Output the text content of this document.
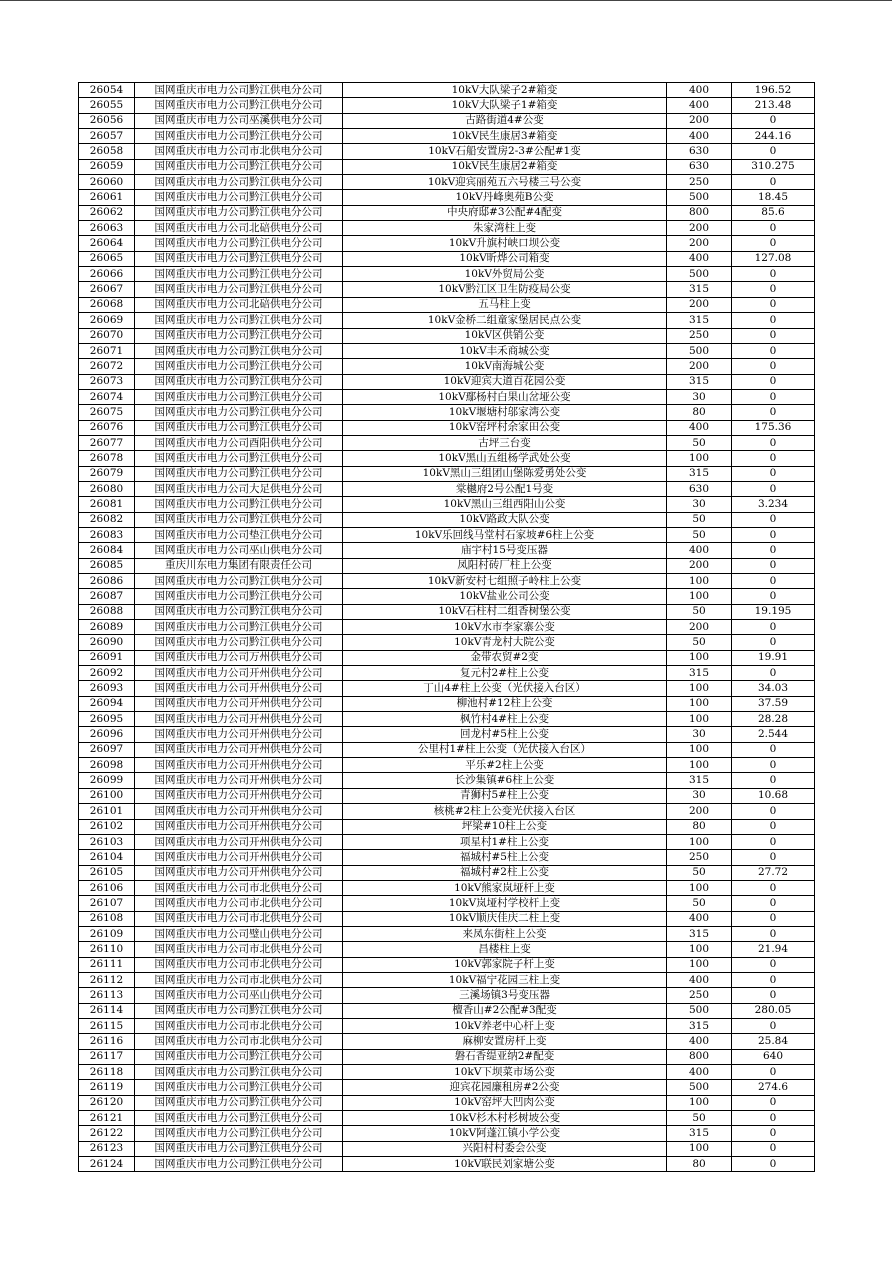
26054	国网重庆市电力公司黔江供电分公司	10kV大队梁子2#箱变	400	196.52
26055	国网重庆市电力公司黔江供电分公司	10kV大队梁子1#箱变	400	213.48
26056	国网重庆市电力公司巫溪供电分公司	古路街道4#公变	200	0
26057	国网重庆市电力公司黔江供电分公司	10kV民生康居3#箱变	400	244.16
26058	国网重庆市电力公司市北供电分公司	10kV石船安置房2-3#公配#1变	630	0
26059	国网重庆市电力公司黔江供电分公司	10kV民生康居2#箱变	630	310.275
26060	国网重庆市电力公司黔江供电分公司	10kV迎宾丽苑五六号楼三号公变	250	0
26061	国网重庆市电力公司黔江供电分公司	10kV丹峰奥苑B公变	500	18.45
26062	国网重庆市电力公司黔江供电分公司	中央府邸#3公配#4配变	800	85.6
26063	国网重庆市电力公司北碚供电分公司	朱家湾柱上变	200	0
26064	国网重庆市电力公司黔江供电分公司	10kV升旗村峡口坝公变	200	0
26065	国网重庆市电力公司黔江供电分公司	10kV昕烨公司箱变	400	127.08
26066	国网重庆市电力公司黔江供电分公司	10kV外贸局公变	500	0
26067	国网重庆市电力公司黔江供电分公司	10kV黔江区卫生防疫局公变	315	0
26068	国网重庆市电力公司北碚供电分公司	五马柱上变	200	0
26069	国网重庆市电力公司黔江供电分公司	10kV金桥二组童家堡居民点公变	315	0
26070	国网重庆市电力公司黔江供电分公司	10kV区供销公变	250	0
26071	国网重庆市电力公司黔江供电分公司	10kV丰禾商城公变	500	0
26072	国网重庆市电力公司黔江供电分公司	10kV南海城公变	200	0
26073	国网重庆市电力公司黔江供电分公司	10kV迎宾大道百花园公变	315	0
26074	国网重庆市电力公司黔江供电分公司	10kV鄢杨村白果山岔垭公变	30	0
26075	国网重庆市电力公司黔江供电分公司	10kV堰塘村邬家湾公变	80	0
26076	国网重庆市电力公司黔江供电分公司	10kV窑坪村余家田公变	400	175.36
26077	国网重庆市电力公司酉阳供电分公司	古坪三台变	50	0
26078	国网重庆市电力公司黔江供电分公司	10kV黑山五组杨学武处公变	100	0
26079	国网重庆市电力公司黔江供电分公司	10kV黑山三组团山堡陈爱勇处公变	315	0
26080	国网重庆市电力公司大足供电分公司	棠樾府2号公配1号变	630	0
26081	国网重庆市电力公司黔江供电分公司	10kV黑山三组西阳山公变	30	3.234
26082	国网重庆市电力公司黔江供电分公司	10kV路政大队公变	50	0
26083	国网重庆市电力公司垫江供电分公司	10kV乐回线马堂村石家坡#6柱上公变	50	0
26084	国网重庆市电力公司巫山供电分公司	庙宇村15号变压器	400	0
26085	重庆川东电力集团有限责任公司	凤阳村砖厂柱上公变	200	0
26086	国网重庆市电力公司黔江供电分公司	10kV新安村七组照子岭柱上公变	100	0
26087	国网重庆市电力公司黔江供电分公司	10kV盐业公司公变	100	0
26088	国网重庆市电力公司黔江供电分公司	10kV石柱村二组香树堡公变	50	19.195
26089	国网重庆市电力公司黔江供电分公司	10kV水市李家寨公变	200	0
26090	国网重庆市电力公司黔江供电分公司	10kV青龙村大院公变	50	0
26091	国网重庆市电力公司万州供电分公司	金带农贸#2变	100	19.91
26092	国网重庆市电力公司开州供电分公司	复元村2#柱上公变	315	0
26093	国网重庆市电力公司开州供电分公司	丁山4#柱上公变（光伏接入台区）	100	34.03
26094	国网重庆市电力公司开州供电分公司	柳池村#12柱上公变	100	37.59
26095	国网重庆市电力公司开州供电分公司	枫竹村4#柱上公变	100	28.28
26096	国网重庆市电力公司开州供电分公司	回龙村#5柱上公变	30	2.544
26097	国网重庆市电力公司开州供电分公司	公里村1#柱上公变（光伏接入台区）	100	0
26098	国网重庆市电力公司开州供电分公司	平乐#2柱上公变	100	0
26099	国网重庆市电力公司开州供电分公司	长沙集镇#6柱上公变	315	0
26100	国网重庆市电力公司开州供电分公司	青狮村5#柱上公变	30	10.68
26101	国网重庆市电力公司开州供电分公司	核桃#2柱上公变光伏接入台区	200	0
26102	国网重庆市电力公司开州供电分公司	坪梁#10柱上公变	80	0
26103	国网重庆市电力公司开州供电分公司	项星村1#柱上公变	100	0
26104	国网重庆市电力公司开州供电分公司	福城村#5柱上公变	250	0
26105	国网重庆市电力公司开州供电分公司	福城村#2柱上公变	50	27.72
26106	国网重庆市电力公司市北供电分公司	10kV熊家岚垭杆上变	100	0
26107	国网重庆市电力公司市北供电分公司	10kV岚垭村学校杆上变	50	0
26108	国网重庆市电力公司市北供电分公司	10kV顺庆佳庆二柱上变	400	0
26109	国网重庆市电力公司璧山供电分公司	来凤东街柱上公变	315	0
26110	国网重庆市电力公司市北供电分公司	昌楼柱上变	100	21.94
26111	国网重庆市电力公司市北供电分公司	10kV郭家院子杆上变	100	0
26112	国网重庆市电力公司市北供电分公司	10kV福宁花园三柱上变	400	0
26113	国网重庆市电力公司巫山供电分公司	三溪场镇3号变压器	250	0
26114	国网重庆市电力公司黔江供电分公司	檀香山#2公配#3配变	500	280.05
26115	国网重庆市电力公司市北供电分公司	10kV养老中心杆上变	315	0
26116	国网重庆市电力公司市北供电分公司	麻柳安置房杆上变	400	25.84
26117	国网重庆市电力公司黔江供电分公司	磐石香缇亚纳2#配变	800	640
26118	国网重庆市电力公司黔江供电分公司	10kV下坝菜市场公变	400	0
26119	国网重庆市电力公司黔江供电分公司	迎宾花园廉租房#2公变	500	274.6
26120	国网重庆市电力公司黔江供电分公司	10kV窑坪大凹肉公变	100	0
26121	国网重庆市电力公司黔江供电分公司	10kV杉木村杉树坡公变	50	0
26122	国网重庆市电力公司黔江供电分公司	10kV阿蓬江镇小学公变	315	0
26123	国网重庆市电力公司黔江供电分公司	兴阳村村委会公变	100	0
26124	国网重庆市电力公司黔江供电分公司	10kV联民刘家塘公变	80	0
